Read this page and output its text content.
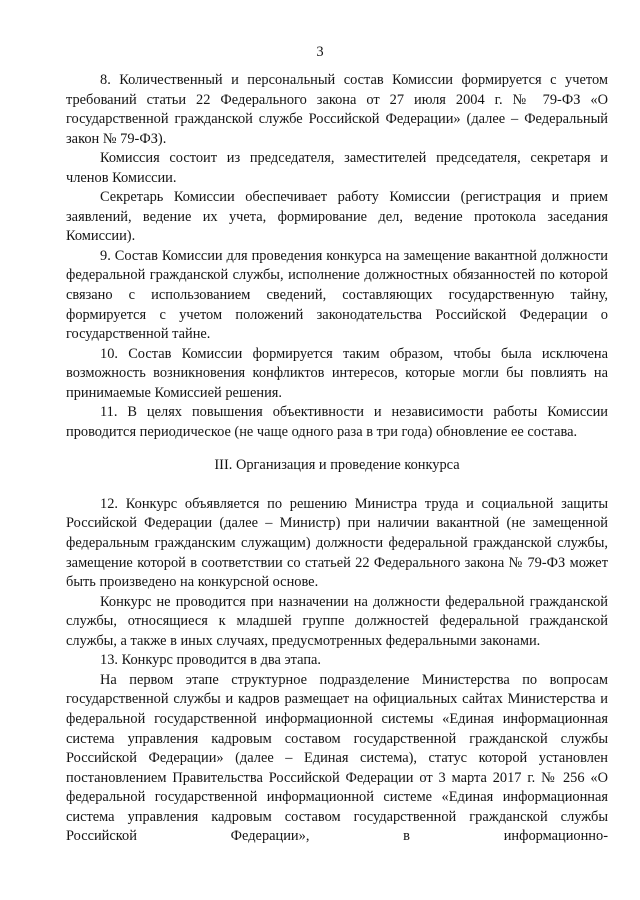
3

8. Количественный и персональный состав Комиссии формируется с учетом требований статьи 22 Федерального закона от 27 июля 2004 г. № 79-ФЗ «О государственной гражданской службе Российской Федерации» (далее – Федеральный закон № 79-ФЗ).

Комиссия состоит из председателя, заместителей председателя, секретаря и членов Комиссии.

Секретарь Комиссии обеспечивает работу Комиссии (регистрация и прием заявлений, ведение их учета, формирование дел, ведение протокола заседания Комиссии).

9. Состав Комиссии для проведения конкурса на замещение вакантной должности федеральной гражданской службы, исполнение должностных обязанностей по которой связано с использованием сведений, составляющих государственную тайну, формируется с учетом положений законодательства Российской Федерации о государственной тайне.

10. Состав Комиссии формируется таким образом, чтобы была исключена возможность возникновения конфликтов интересов, которые могли бы повлиять на принимаемые Комиссией решения.

11. В целях повышения объективности и независимости работы Комиссии проводится периодическое (не чаще одного раза в три года) обновление ее состава.

III. Организация и проведение конкурса

12. Конкурс объявляется по решению Министра труда и социальной защиты Российской Федерации (далее – Министр) при наличии вакантной (не замещенной федеральным гражданским служащим) должности федеральной гражданской службы, замещение которой в соответствии со статьей 22 Федерального закона № 79-ФЗ может быть произведено на конкурсной основе.

Конкурс не проводится при назначении на должности федеральной гражданской службы, относящиеся к младшей группе должностей федеральной гражданской службы, а также в иных случаях, предусмотренных федеральными законами.

13. Конкурс проводится в два этапа.

На первом этапе структурное подразделение Министерства по вопросам государственной службы и кадров размещает на официальных сайтах Министерства и федеральной государственной информационной системы «Единая информационная система управления кадровым составом государственной гражданской службы Российской Федерации» (далее – Единая система), статус которой установлен постановлением Правительства Российской Федерации от 3 марта 2017 г. № 256 «О федеральной государственной информационной системе «Единая информационная система управления кадровым составом государственной гражданской службы Российской Федерации», в информационно-
